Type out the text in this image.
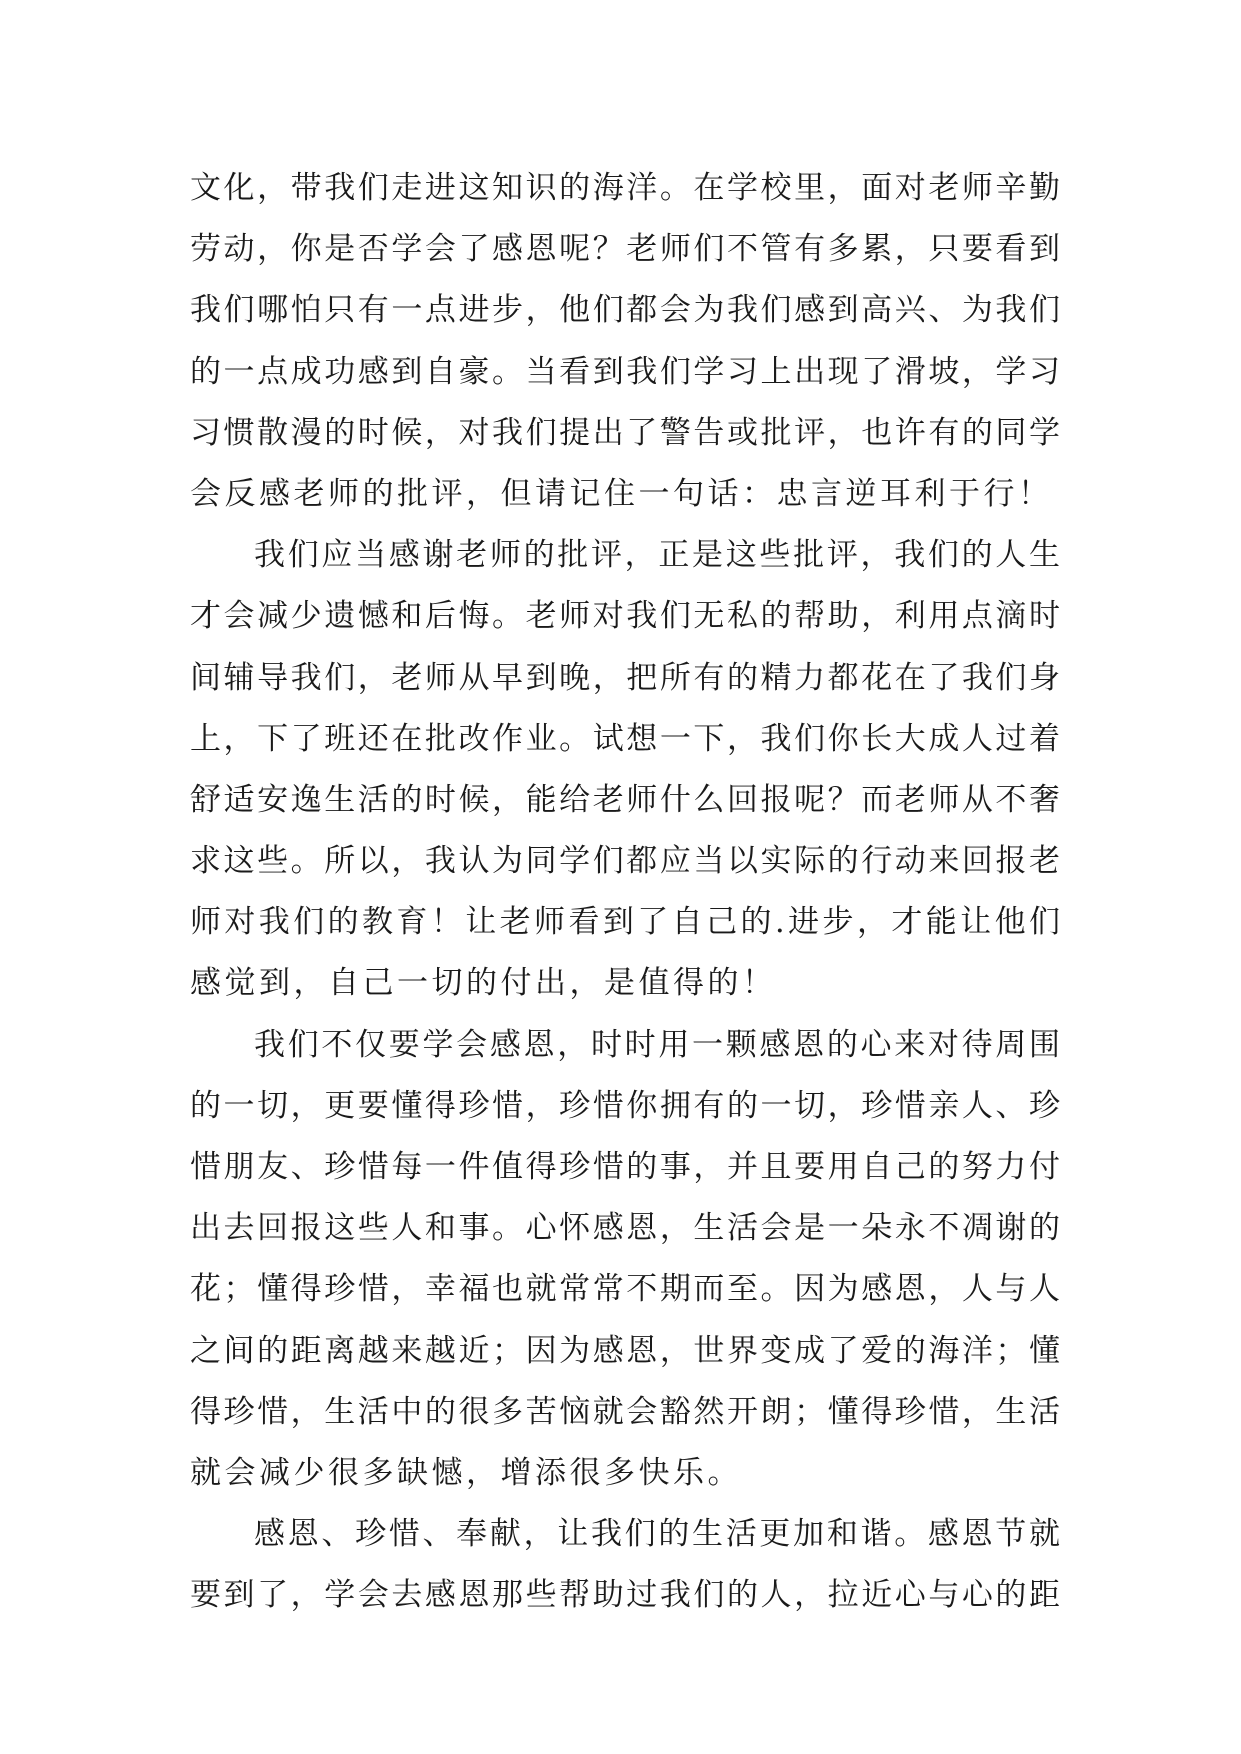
文化，带我们走进这知识的海洋。在学校里，面对老师辛勤
劳动，你是否学会了感恩呢？老师们不管有多累，只要看到
我们哪怕只有一点进步，他们都会为我们感到高兴、为我们
的一点成功感到自豪。当看到我们学习上出现了滑坡，学习
习惯散漫的时候，对我们提出了警告或批评，也许有的同学
会反感老师的批评，但请记住一句话：忠言逆耳利于行！
我们应当感谢老师的批评，正是这些批评，我们的人生
才会减少遗憾和后悔。老师对我们无私的帮助，利用点滴时
间辅导我们，老师从早到晚，把所有的精力都花在了我们身
上，下了班还在批改作业。试想一下，我们你长大成人过着
舒适安逸生活的时候，能给老师什么回报呢？而老师从不奢
求这些。所以，我认为同学们都应当以实际的行动来回报老
师对我们的教育！让老师看到了自己的.进步，才能让他们
感觉到，自己一切的付出，是值得的！
我们不仅要学会感恩，时时用一颗感恩的心来对待周围
的一切，更要懂得珍惜，珍惜你拥有的一切，珍惜亲人、珍
惜朋友、珍惜每一件值得珍惜的事，并且要用自己的努力付
出去回报这些人和事。心怀感恩，生活会是一朵永不凋谢的
花；懂得珍惜，幸福也就常常不期而至。因为感恩，人与人
之间的距离越来越近；因为感恩，世界变成了爱的海洋；懂
得珍惜，生活中的很多苦恼就会豁然开朗；懂得珍惜，生活
就会减少很多缺憾，增添很多快乐。
感恩、珍惜、奉献，让我们的生活更加和谐。感恩节就
要到了，学会去感恩那些帮助过我们的人，拉近心与心的距
